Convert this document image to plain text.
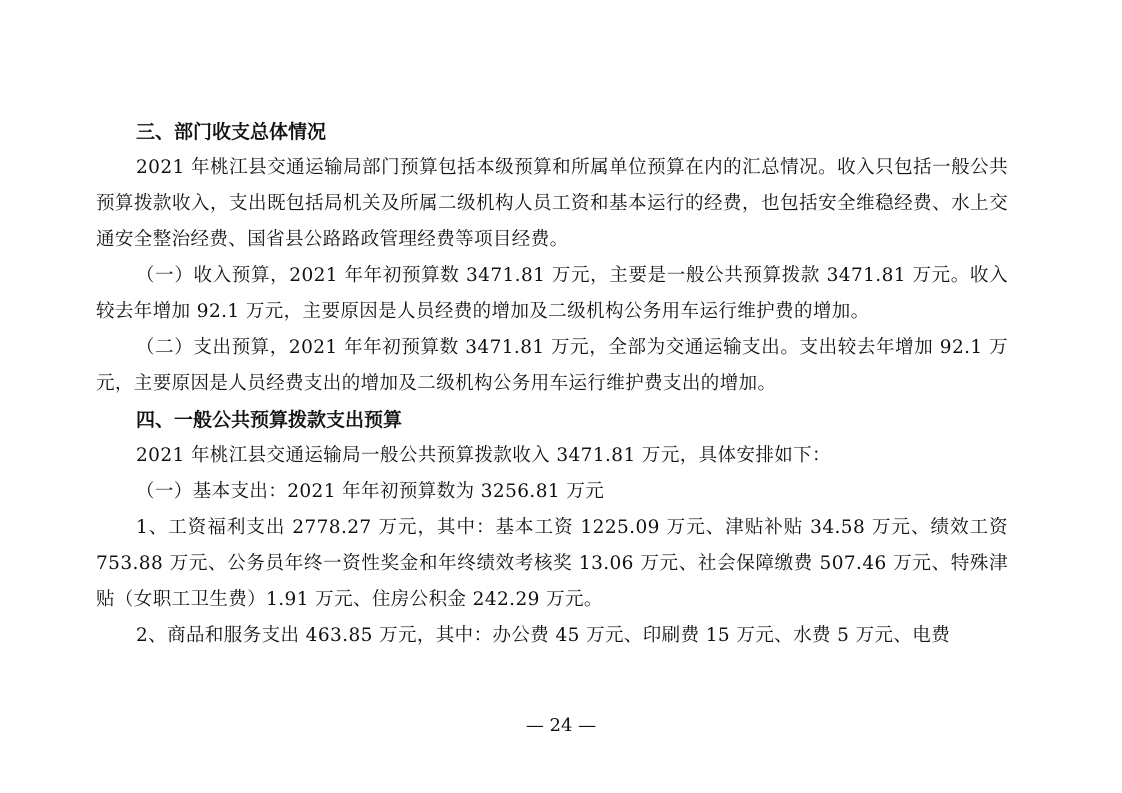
三、部门收支总体情况

2021 年桃江县交通运输局部门预算包括本级预算和所属单位预算在内的汇总情况。收入只包括一般公共预算拨款收入，支出既包括局机关及所属二级机构人员工资和基本运行的经费，也包括安全维稳经费、水上交通安全整治经费、国省县公路路政管理经费等项目经费。

（一）收入预算，2021 年年初预算数 3471.81 万元，主要是一般公共预算拨款 3471.81 万元。收入较去年增加 92.1 万元，主要原因是人员经费的增加及二级机构公务用车运行维护费的增加。

（二）支出预算，2021 年年初预算数 3471.81 万元，全部为交通运输支出。支出较去年增加 92.1 万元，主要原因是人员经费支出的增加及二级机构公务用车运行维护费支出的增加。

四、一般公共预算拨款支出预算

2021 年桃江县交通运输局一般公共预算拨款收入 3471.81 万元，具体安排如下：

（一）基本支出：2021 年年初预算数为 3256.81 万元

1、工资福利支出 2778.27 万元，其中：基本工资 1225.09 万元、津贴补贴 34.58 万元、绩效工资 753.88 万元、公务员年终一资性奖金和年终绩效考核奖 13.06 万元、社会保障缴费 507.46 万元、特殊津贴（女职工卫生费）1.91 万元、住房公积金 242.29 万元。

2、商品和服务支出 463.85 万元，其中：办公费 45 万元、印刷费 15 万元、水费 5 万元、电费

— 24 —
